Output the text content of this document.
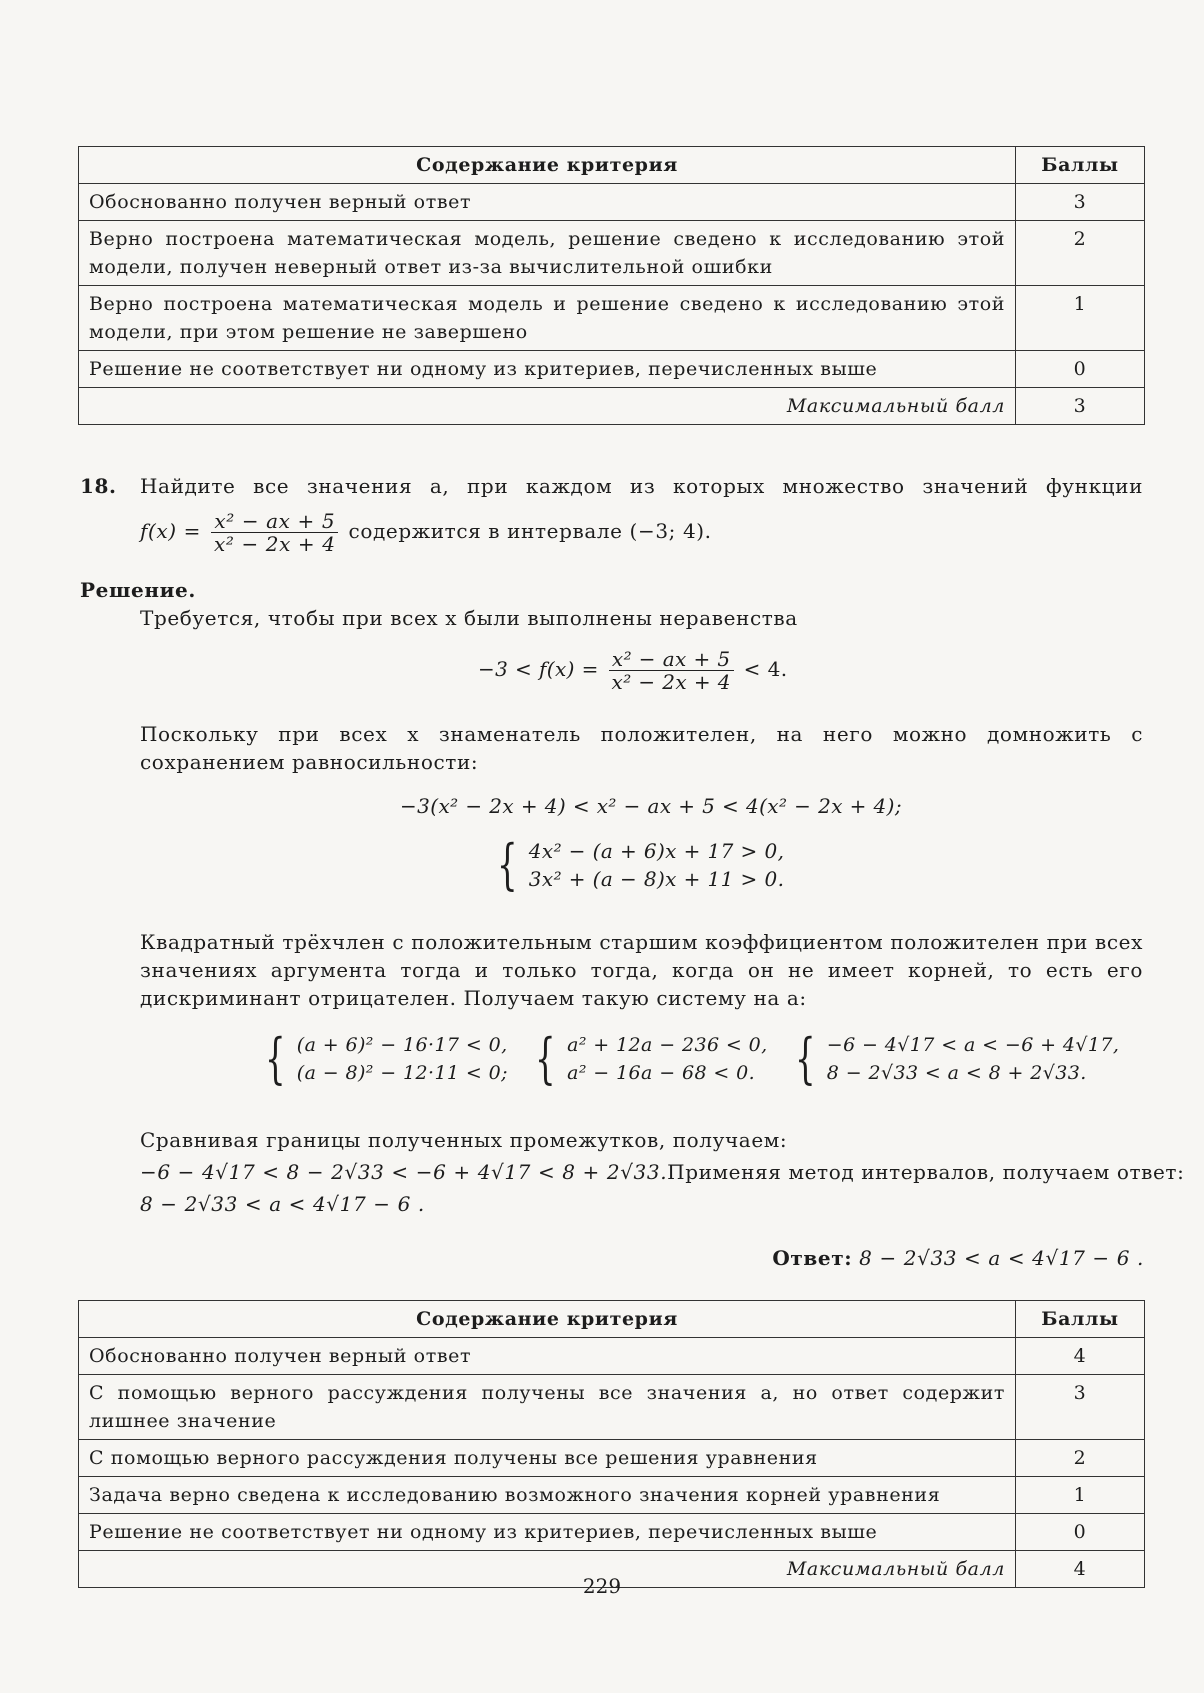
Содержание критерия	Баллы
Обоснованно получен верный ответ	3
Верно построена математическая модель, решение сведено к исследованию этой модели, получен неверный ответ из-за вычислительной ошибки	2
Верно построена математическая модель и решение сведено к исследованию этой модели, при этом решение не завершено	1
Решение не соответствует ни одному из критериев, перечисленных выше	0
Максимальный балл	3
18. Найдите все значения a, при каждом из которых множество значений функции
$f(x) = \frac{\text{x² − ax + 5}}{\text{x² − 2x + 4}}$ содержится в интервале (−3; 4).
Решение.
Требуется, чтобы при всех x были выполнены неравенства
$-3 < f(x) = \frac{\text{x² − ax + 5}}{\text{x² − 2x + 4}} < 4$.
Поскольку при всех x знаменатель положителен, на него можно домножить с сохранением равносильности:
−3(x² − 2x + 4) < x² − ax + 5 < 4(x² − 2x + 4);
{ 4x² − (a + 6)x + 17 > 0,
3x² + (a − 8)x + 11 > 0.
Квадратный трёхчлен с положительным старшим коэффициентом положителен при всех значениях аргумента тогда и только тогда, когда он не имеет корней, то есть его дискриминант отрицателен. Получаем такую систему на a:
{ (a + 6)² − 16·17 < 0,
(a − 8)² − 12·11 < 0;
{ a² + 12a − 236 < 0,
a² − 16a − 68 < 0.
{ −6 − 4√17 < a < −6 + 4√17,
8 − 2√33 < a < 8 + 2√33.
Сравнивая границы полученных промежутков, получаем:
−6 − 4√17 < 8 − 2√33 < −6 + 4√17 < 8 + 2√33. Применяя метод интервалов, получаем ответ:
8 − 2√33 < a < 4√17 − 6 .
Ответ: 8 − 2√33 < a < 4√17 − 6 .
Содержание критерия	Баллы
Обоснованно получен верный ответ	4
С помощью верного рассуждения получены все значения a, но ответ содержит лишнее значение	3
С помощью верного рассуждения получены все решения уравнения	2
Задача верно сведена к исследованию возможного значения корней уравнения	1
Решение не соответствует ни одному из критериев, перечисленных выше	0
Максимальный балл	4
229
